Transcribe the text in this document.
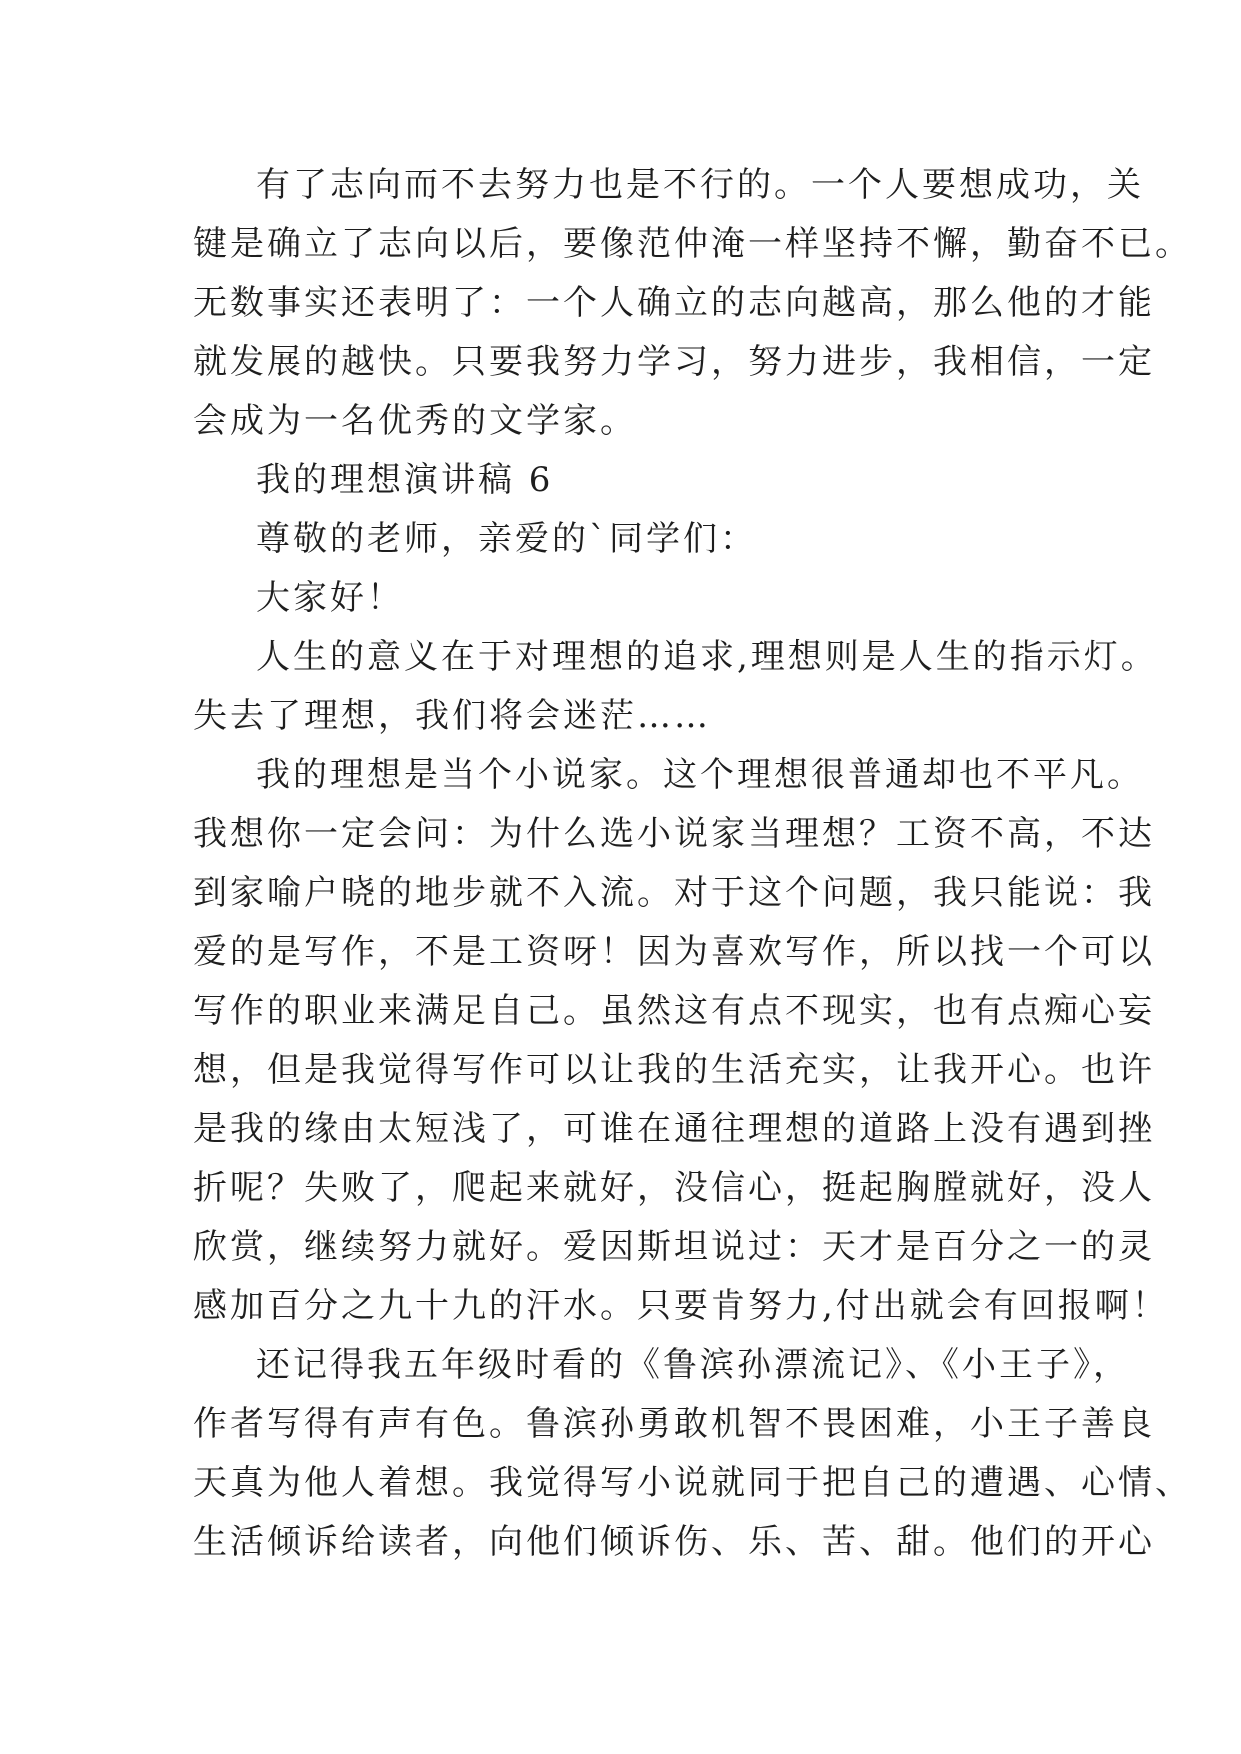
有了志向而不去努力也是不行的。一个人要想成功，关
键是确立了志向以后，要像范仲淹一样坚持不懈，勤奋不已。
无数事实还表明了：一个人确立的志向越高，那么他的才能
就发展的越快。只要我努力学习，努力进步，我相信，一定
会成为一名优秀的文学家。
我的理想演讲稿 6
尊敬的老师，亲爱的`同学们：
大家好！
人生的意义在于对理想的追求,理想则是人生的指示灯。
失去了理想，我们将会迷茫……
我的理想是当个小说家。这个理想很普通却也不平凡。
我想你一定会问：为什么选小说家当理想？工资不高，不达
到家喻户晓的地步就不入流。对于这个问题，我只能说：我
爱的是写作，不是工资呀！因为喜欢写作，所以找一个可以
写作的职业来满足自己。虽然这有点不现实，也有点痴心妄
想，但是我觉得写作可以让我的生活充实，让我开心。也许
是我的缘由太短浅了，可谁在通往理想的道路上没有遇到挫
折呢？失败了，爬起来就好，没信心，挺起胸膛就好，没人
欣赏，继续努力就好。爱因斯坦说过：天才是百分之一的灵
感加百分之九十九的汗水。只要肯努力,付出就会有回报啊！
还记得我五年级时看的《鲁滨孙漂流记》、《小王子》，
作者写得有声有色。鲁滨孙勇敢机智不畏困难，小王子善良
天真为他人着想。我觉得写小说就同于把自己的遭遇、心情、
生活倾诉给读者，向他们倾诉伤、乐、苦、甜。他们的开心
